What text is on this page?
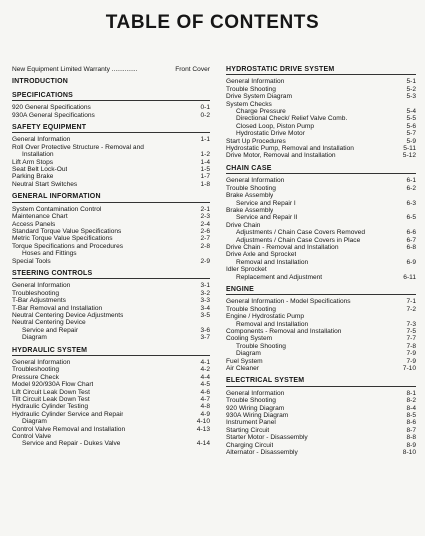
TABLE OF CONTENTS
New Equipment Limited Warranty ..............	Front Cover
INTRODUCTION
SPECIFICATIONS
920 General Specifications	0-1
930A General Specifications	0-2
SAFETY EQUIPMENT
General Information	1-1
Roll Over Protective Structure - Removal and
Installation	1-2
Lift Arm Stops	1-4
Seat Belt Lock-Out	1-5
Parking Brake	1-7
Neutral Start Switches	1-8
GENERAL INFORMATION
System Contamination Control	2-1
Maintenance Chart	2-3
Access Panels	2-4
Standard Torque Value Specifications	2-6
Metric Torque Value Specifications	2-7
Torque Specifications and Procedures	2-8
Hoses and Fittings
Special Tools	2-9
STEERING CONTROLS
General Information	3-1
Troubleshooting	3-2
T-Bar Adjustments	3-3
T-Bar Removal and Installation	3-4
Neutral Centering Device Adjustments	3-5
Neutral Centering Device
Service and Repair	3-6
Diagram	3-7
HYDRAULIC SYSTEM
General Information	4-1
Troubleshooting	4-2
Pressure Check	4-4
Model 920/930A Flow Chart	4-5
Lift Circuit Leak Down Test	4-6
Tilt Circuit Leak Down Test	4-7
Hydraulic Cylinder Testing	4-8
Hydraulic Cylinder Service and Repair	4-9
Diagram	4-10
Control Valve Removal and Installation	4-13
Control Valve
Service and Repair - Dukes Valve	4-14
HYDROSTATIC DRIVE SYSTEM
General Information	5-1
Trouble Shooting	5-2
Drive System Diagram	5-3
System Checks
Charge Pressure	5-4
Directional Check/ Relief Valve Comb.	5-5
Closed Loop, Piston Pump	5-6
Hydrostatic Drive Motor	5-7
Start Up Procedures	5-9
Hydrostatic Pump, Removal and Installation	5-11
Drive Motor, Removal and Installation	5-12
CHAIN CASE
General Information	6-1
Trouble Shooting	6-2
Brake Assembly
Service and Repair I	6-3
Brake Assembly
Service and Repair II	6-5
Drive Chain
Adjustments / Chain Case Covers Removed	6-6
Adjustments / Chain Case Covers in Place	6-7
Drive Chain - Removal and Installation	6-8
Drive Axle and Sprocket
Removal and Installation	6-9
Idler Sprocket
Replacement and Adjustment	6-11
ENGINE
General Information - Model Specifications	7-1
Trouble Shooting	7-2
Engine / Hydrostatic Pump
Removal and Installation	7-3
Components - Removal and Installation	7-5
Cooling System	7-7
Trouble Shooting	7-8
Diagram	7-9
Fuel System	7-9
Air Cleaner	7-10
ELECTRICAL SYSTEM
General Information	8-1
Trouble Shooting	8-2
920 Wiring Diagram	8-4
930A Wiring Diagram	8-5
Instrument Panel	8-6
Starting Circuit	8-7
Starter Motor - Disassembly	8-8
Charging Circuit	8-9
Alternator - Disassembly	8-10
